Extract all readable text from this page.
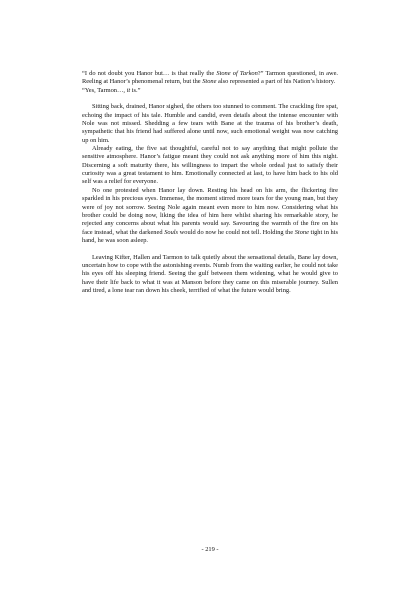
“I do not doubt you Hanor but… is that really the Stone of Tarkon?” Tarmon questioned, in awe. Reeling at Hanor’s phenomenal return, but the Stone also represented a part of his Nation’s history.

“Yes, Tarmon…, it is.”

Sitting back, drained, Hanor sighed, the others too stunned to comment. The crackling fire spat, echoing the impact of his tale. Humble and candid, even details about the intense encounter with Nole was not missed. Shedding a few tears with Bane at the trauma of his brother’s death, sympathetic that his friend had suffered alone until now, such emotional weight was now catching up on him.

Already eating, the five sat thoughtful, careful not to say anything that might pollute the sensitive atmosphere. Hanor’s fatigue meant they could not ask anything more of him this night. Discerning a soft maturity there, his willingness to impart the whole ordeal just to satisfy their curiosity was a great testament to him. Emotionally connected at last, to have him back to his old self was a relief for everyone.

No one protested when Hanor lay down. Resting his head on his arm, the flickering fire sparkled in his precious eyes. Immense, the moment stirred more tears for the young man, but they were of joy not sorrow. Seeing Nole again meant even more to him now. Considering what his brother could be doing now, liking the idea of him here whilst sharing his remarkable story, he rejected any concerns about what his parents would say. Savouring the warmth of the fire on his face instead, what the darkened Souls would do now he could not tell. Holding the Stone tight in his hand, he was soon asleep.

Leaving Kifter, Hallen and Tarmon to talk quietly about the sensational details, Bane lay down, uncertain how to cope with the astonishing events. Numb from the waiting earlier, he could not take his eyes off his sleeping friend. Seeing the gulf between them widening, what he would give to have their life back to what it was at Manson before they came on this miserable journey. Sullen and tired, a lone tear ran down his cheek, terrified of what the future would bring.

- 219 -
